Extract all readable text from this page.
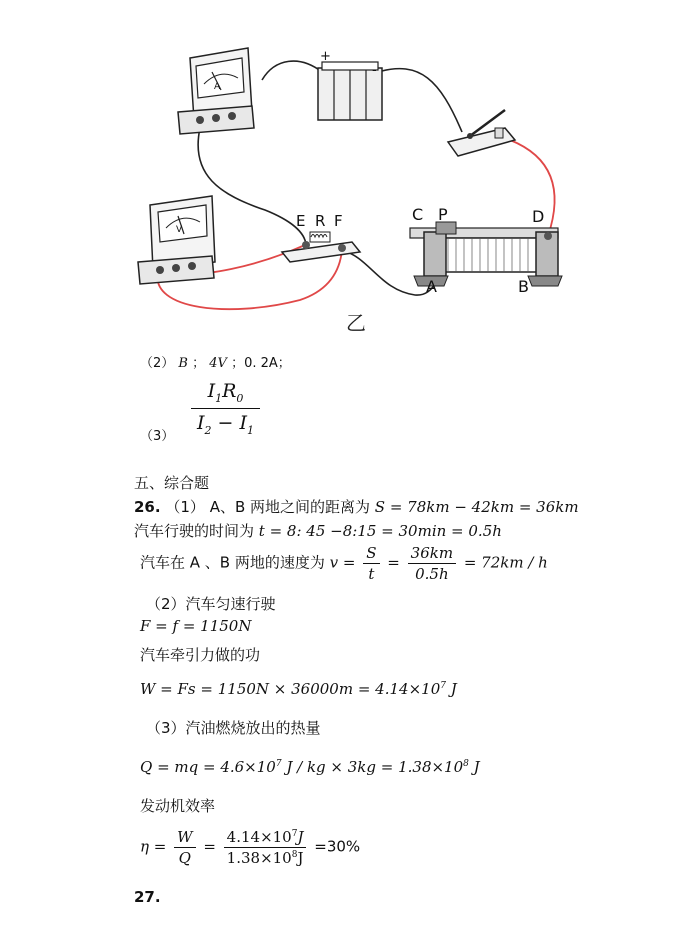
A
+
-
V	E R F	C P	D
A	B
乙
（2） B ； 4V ；0. 2A；
$(3) \frac{I_1R_0}{I_2 - I_1}$
五、综合题
26. （1） A、B 两地之间的距离为 S = 78km − 42km = 36km
汽车行驶的时间为 t = 8: 45 −8:15 = 30min = 0.5h
汽车在 A 、B 两地的速度为 $v = \frac{S}{t} = \frac{36km}{0.5h} = 72km / h$
（2）汽车匀速行驶
F = f = 1150N
汽车牵引力做的功
$W = Fs = 1150N \times 36000m = 4.14\times 10^7$ J
（3）汽油燃烧放出的热量
Q = mq = $4.6\times 10^7$ J / kg × $3kg = 1.38\times 10^8$ J
发动机效率
$\eta = \frac{W}{Q} = \frac{4.14\times 10^7J}{1.38\times 10^8J} =30\%$
27.
